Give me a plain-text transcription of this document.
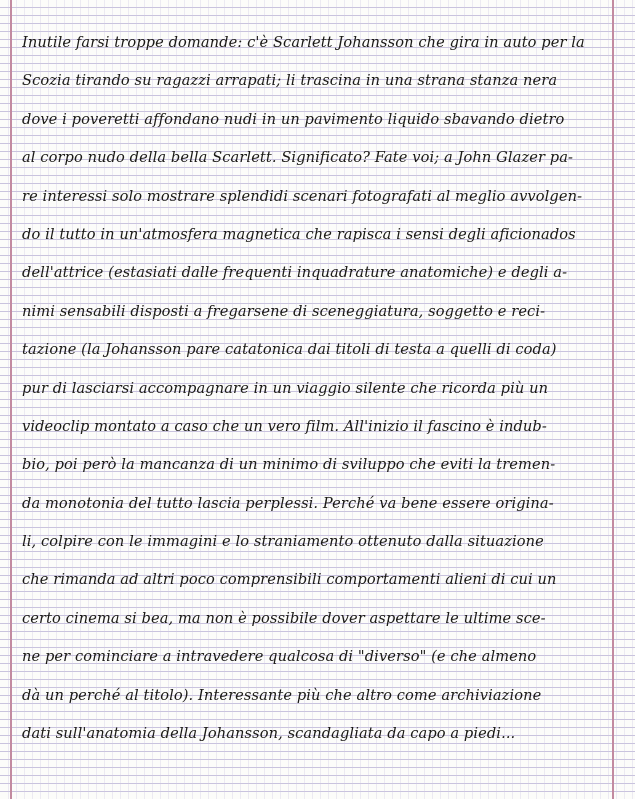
Inutile farsi troppe domande: c'è Scarlett Johansson che gira in auto per la
Scozia tirando su ragazzi arrapati; li trascina in una strana stanza nera
dove i poveretti affondano nudi in un pavimento liquido sbavando dietro
al corpo nudo della bella Scarlett. Significato? Fate voi; a John Glazer pa-
re interessi solo mostrare splendidi scenari fotografati al meglio avvolgen-
do il tutto in un'atmosfera magnetica che rapisca i sensi degli aficionados
dell'attrice (estasiati dalle frequenti inquadrature anatomiche) e degli a-
nimi sensabili disposti a fregarsene di sceneggiatura, soggetto e reci-
tazione (la Johansson pare catatonica dai titoli di testa a quelli di coda)
pur di lasciarsi accompagnare in un viaggio silente che ricorda più un
videoclip montato a caso che un vero film. All'inizio il fascino è indub-
bio, poi però la mancanza di un minimo di sviluppo che eviti la tremen-
da monotonia del tutto lascia perplessi. Perché va bene essere origina-
li, colpire con le immagini e lo straniamento ottenuto dalla situazione
che rimanda ad altri poco comprensibili comportamenti alieni di cui un
certo cinema si bea, ma non è possibile dover aspettare le ultime sce-
ne per cominciare a intravedere qualcosa di "diverso" (e che almeno
dà un perché al titolo). Interessante più che altro come archiviazione
dati sull'anatomia della Johansson, scandagliata da capo a piedi...
